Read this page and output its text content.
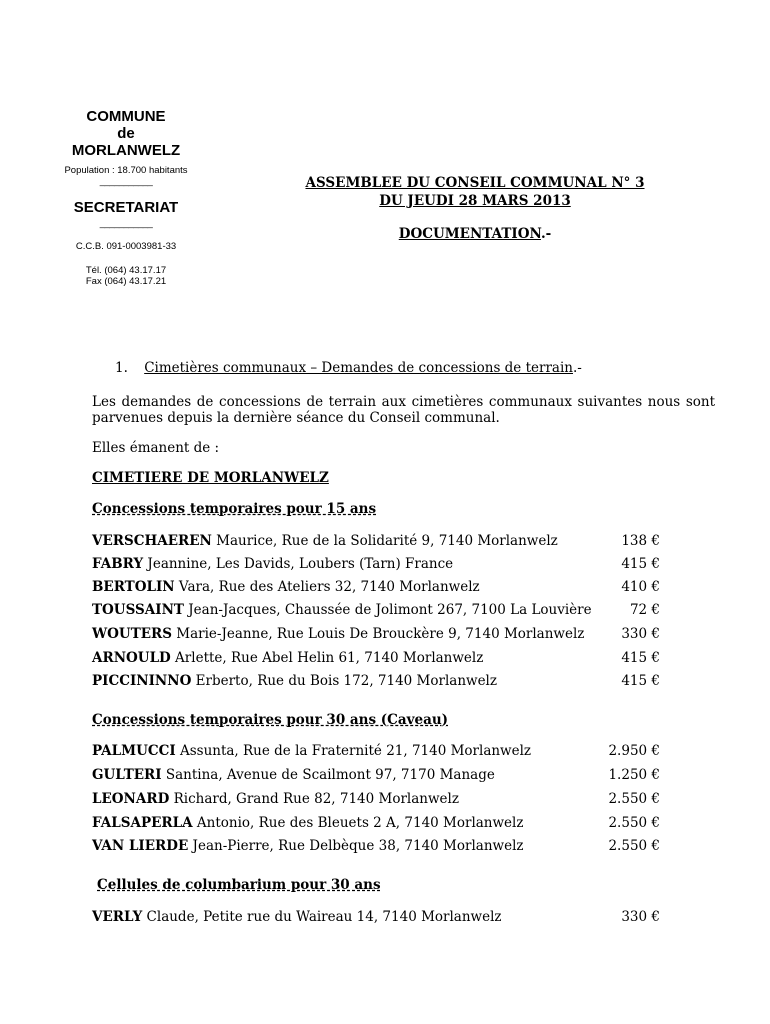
COMMUNE
de
MORLANWELZ
Population : 18.700 habitants
___________
SECRETARIAT
___________
C.C.B. 091-0003981-33
Tél. (064) 43.17.17
Fax (064) 43.17.21
ASSEMBLEE DU CONSEIL COMMUNAL N° 3
DU JEUDI 28 MARS 2013
DOCUMENTATION.-
1. Cimetières communaux – Demandes de concessions de terrain.-
Les demandes de concessions de terrain aux cimetières communaux suivantes nous sont parvenues depuis la dernière séance du Conseil communal.
Elles émanent de :
CIMETIERE DE MORLANWELZ
Concessions temporaires pour 15 ans
VERSCHAEREN Maurice, Rue de la Solidarité 9, 7140 Morlanwelz	138 €
FABRY Jeannine, Les Davids, Loubers (Tarn) France	415 €
BERTOLIN Vara, Rue des Ateliers 32, 7140 Morlanwelz	410 €
TOUSSAINT Jean-Jacques, Chaussée de Jolimont 267, 7100 La Louvière	72 €
WOUTERS Marie-Jeanne, Rue Louis De Brouckère 9, 7140 Morlanwelz	330 €
ARNOULD Arlette, Rue Abel Helin 61, 7140 Morlanwelz	415 €
PICCININNO Erberto, Rue du Bois 172, 7140 Morlanwelz	415 €
Concessions temporaires pour 30 ans (Caveau)
PALMUCCI Assunta, Rue de la Fraternité 21, 7140 Morlanwelz	2.950 €
GULTERI Santina, Avenue de Scailmont 97, 7170 Manage	1.250 €
LEONARD Richard, Grand Rue 82, 7140 Morlanwelz	2.550 €
FALSAPERLA Antonio, Rue des Bleuets 2 A, 7140 Morlanwelz	2.550 €
VAN LIERDE Jean-Pierre, Rue Delbèque 38, 7140 Morlanwelz	2.550 €
Cellules de columbarium pour 30 ans
VERLY Claude, Petite rue du Waireau 14, 7140 Morlanwelz	330 €
